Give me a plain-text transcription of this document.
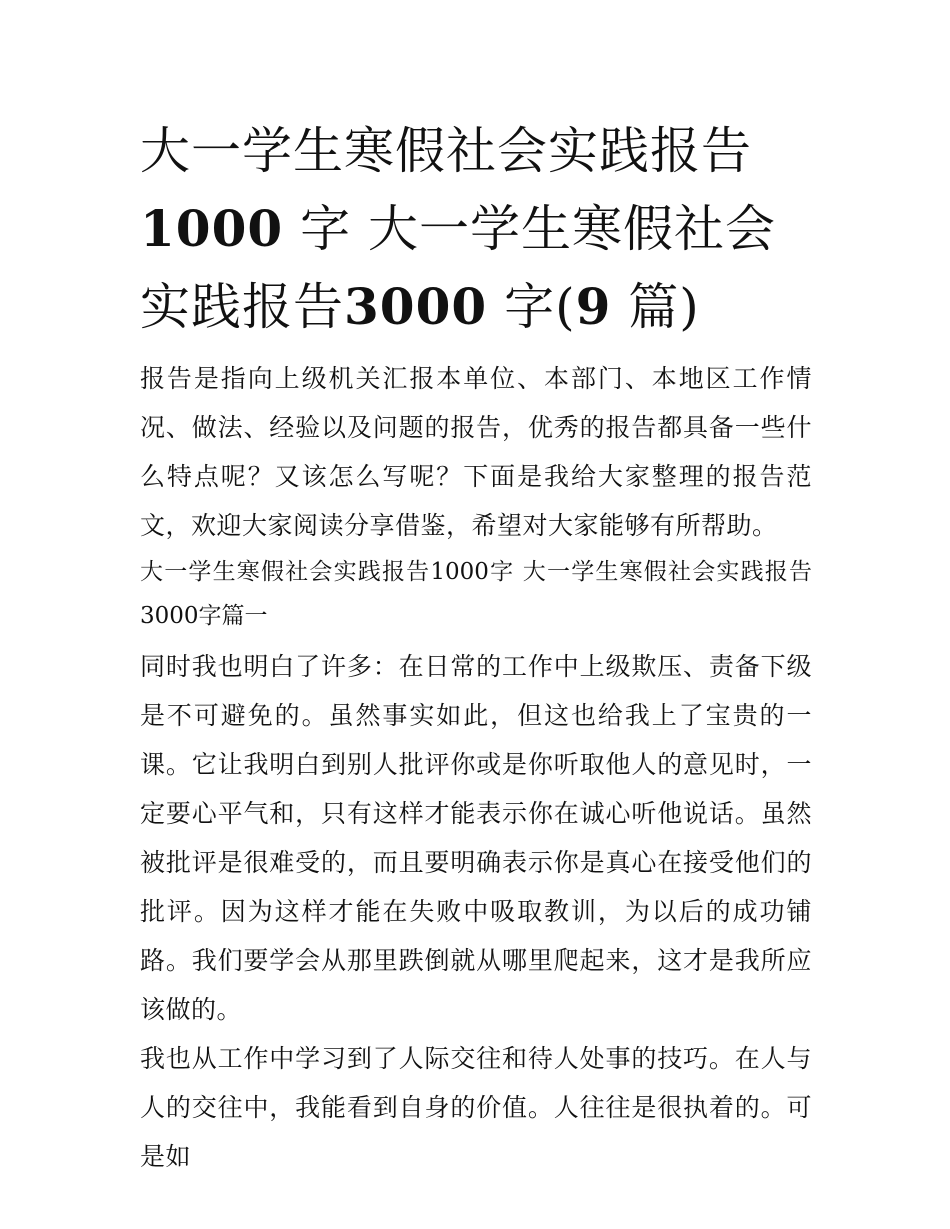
大一学生寒假社会实践报告
1000 字 大一学生寒假社会实践报告3000 字(9 篇)

报告是指向上级机关汇报本单位、本部门、本地区工作情况、做法、经验以及问题的报告，优秀的报告都具备一些什么特点呢？又该怎么写呢？下面是我给大家整理的报告范文，欢迎大家阅读分享借鉴，希望对大家能够有所帮助。

大一学生寒假社会实践报告1000字 大一学生寒假社会实践报告3000字篇一

同时我也明白了许多：在日常的工作中上级欺压、责备下级是不可避免的。虽然事实如此，但这也给我上了宝贵的一课。它让我明白到别人批评你或是你听取他人的意见时，一定要心平气和，只有这样才能表示你在诚心听他说话。虽然被批评是很难受的，而且要明确表示你是真心在接受他们的批评。因为这样才能在失败中吸取教训，为以后的成功铺路。我们要学会从那里跌倒就从哪里爬起来，这才是我所应该做的。

我也从工作中学习到了人际交往和待人处事的技巧。在人与人的交往中，我能看到自身的价值。人往往是很执着的。可是如
